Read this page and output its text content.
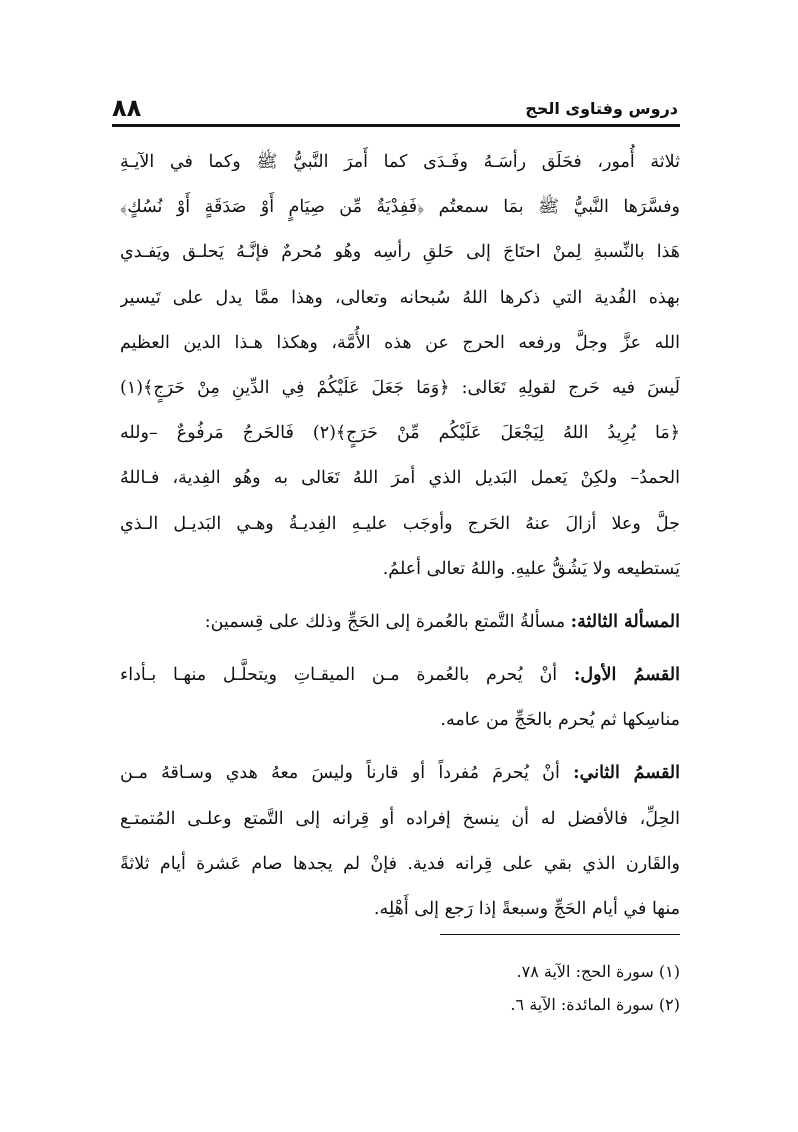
دروس وفتاوى الحج
٨٨

ثلاثة أُمور، فحَلَق رأسَـهُ وفَـدَى كما أَمرَ النَّبيُّ ﷺ وكما في الآيـةِ
وفسَّرَها النَّبيُّ ﷺ بمَا سمعتُم ﴿فَفِدْيَةٌ مِّن صِيَامٍ أَوْ صَدَقَةٍ أَوْ نُسُكٍ﴾
هَذا بالنِّسبةِ لِمنْ احتَاجَ إلى حَلقِ رأسِه وهُو مُحرمٌ فإنَّـهُ يَحلـق ويَفـدي
بهذه الفُدية التي ذكرها اللهُ سُبحانه وتعالى، وهذا ممَّا يدل على تَيسير
الله عزَّ وجلَّ ورفعه الحرج عن هذه الأُمَّة، وهكذا هـذا الدين العظيم
لَيسَ فيه حَرج لقولِهِ تَعَالى: ﴿وَمَا جَعَلَ عَلَيْكُمْ فِي الدِّينِ مِنْ حَرَجٍ﴾(١)
﴿مَا يُرِيدُ اللهُ لِيَجْعَلَ عَلَيْكُم مِّنْ حَرَجٍ﴾(٢) فَالحَرجُ مَرفُوعٌ –ولله
الحمدُ– ولكِنْ يَعمل البَديل الذي أمرَ اللهُ تَعَالى به وهُو الفِدية، فـاللهُ
جلَّ وعلا أزالَ عنهُ الحَرج وأوجَب عليـهِ الفِديـةُ وهـي البَديـل الـذي
يَستطيعه ولا يَشُقُّ عليهِ. واللهُ تعالى أعلمُ.

المسألة الثالثة: مسألةُ التَّمتع بالعُمرة إلى الحَجِّ وذلك على قِسمين:

القسمُ الأول: أنْ يُحرم بالعُمرة مـن الميقـاتِ ويتحلَّـل منهـا بـأداء
مناسِكها ثم يُحرم بالحَجِّ من عامه.

القسمُ الثاني: أنْ يُحرمَ مُفرداً أو قارناً وليسَ معهُ هدي وسـاقهُ مـن
الحِلِّ، فالأفضل له أن ينسخ إفراده أو قِرانه إلى التَّمتع وعلـى المُتمتـع
والقَارن الذي بقي على قِرانه فدية. فإنْ لم يجدها صام عَشرة أيام ثلاثةً
منها في أيام الحَجِّ وسبعةً إذا رَجع إلى أَهْلِه.

(١) سورة الحج: الآية ٧٨.
(٢) سورة المائدة: الآية ٦.
